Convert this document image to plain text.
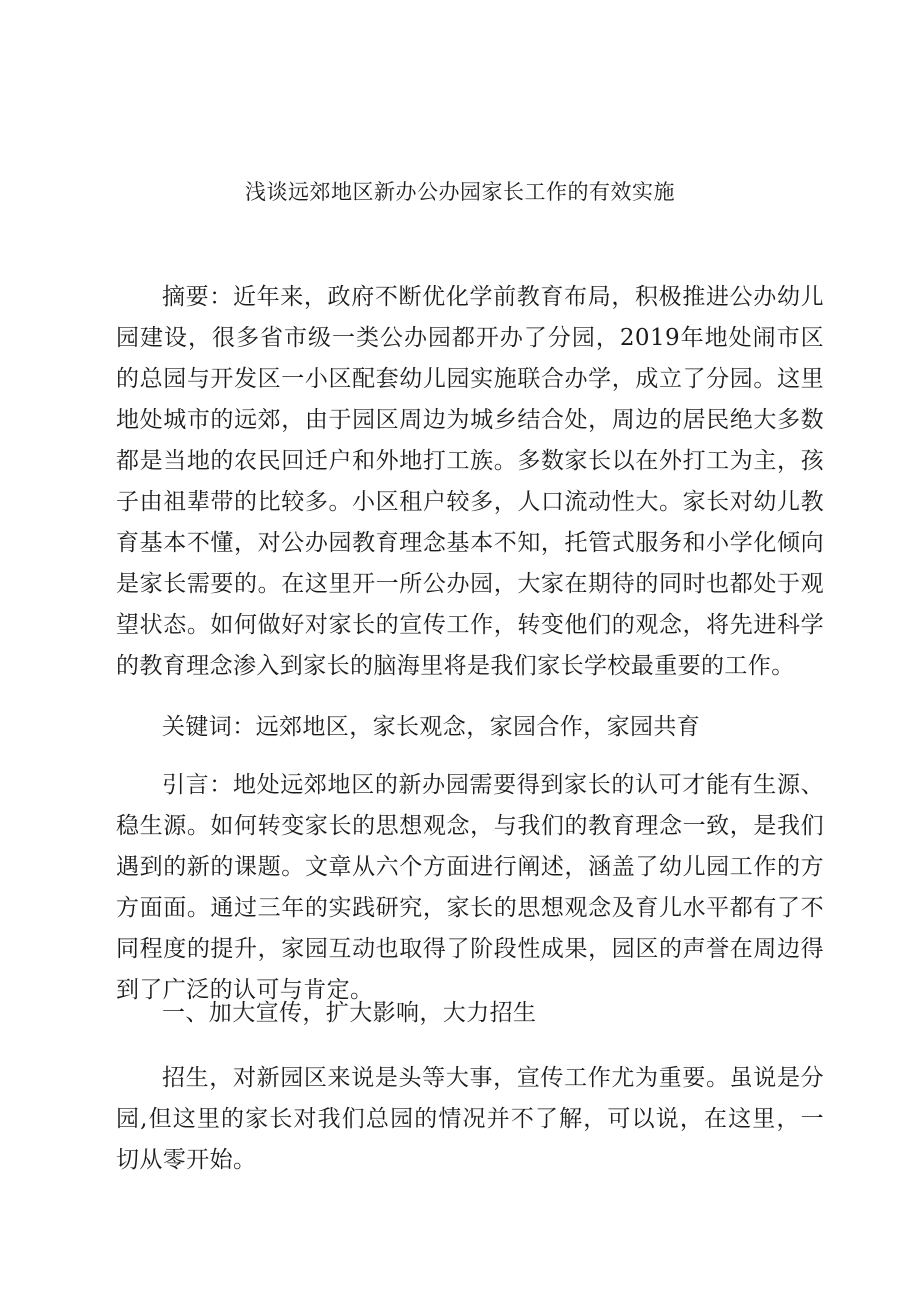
浅谈远郊地区新办公办园家长工作的有效实施

摘要：近年来，政府不断优化学前教育布局，积极推进公办幼儿园建设，很多省市级一类公办园都开办了分园，2019年地处闹市区的总园与开发区一小区配套幼儿园实施联合办学，成立了分园。这里地处城市的远郊，由于园区周边为城乡结合处，周边的居民绝大多数都是当地的农民回迁户和外地打工族。多数家长以在外打工为主，孩子由祖辈带的比较多。小区租户较多，人口流动性大。家长对幼儿教育基本不懂，对公办园教育理念基本不知，托管式服务和小学化倾向是家长需要的。在这里开一所公办园，大家在期待的同时也都处于观望状态。如何做好对家长的宣传工作，转变他们的观念，将先进科学的教育理念渗入到家长的脑海里将是我们家长学校最重要的工作。

关键词：远郊地区，家长观念，家园合作，家园共育

引言：地处远郊地区的新办园需要得到家长的认可才能有生源、稳生源。如何转变家长的思想观念，与我们的教育理念一致，是我们遇到的新的课题。文章从六个方面进行阐述，涵盖了幼儿园工作的方方面面。通过三年的实践研究，家长的思想观念及育儿水平都有了不同程度的提升，家园互动也取得了阶段性成果，园区的声誉在周边得到了广泛的认可与肯定。

一、加大宣传，扩大影响，大力招生

招生，对新园区来说是头等大事，宣传工作尤为重要。虽说是分园,但这里的家长对我们总园的情况并不了解，可以说，在这里，一切从零开始。
